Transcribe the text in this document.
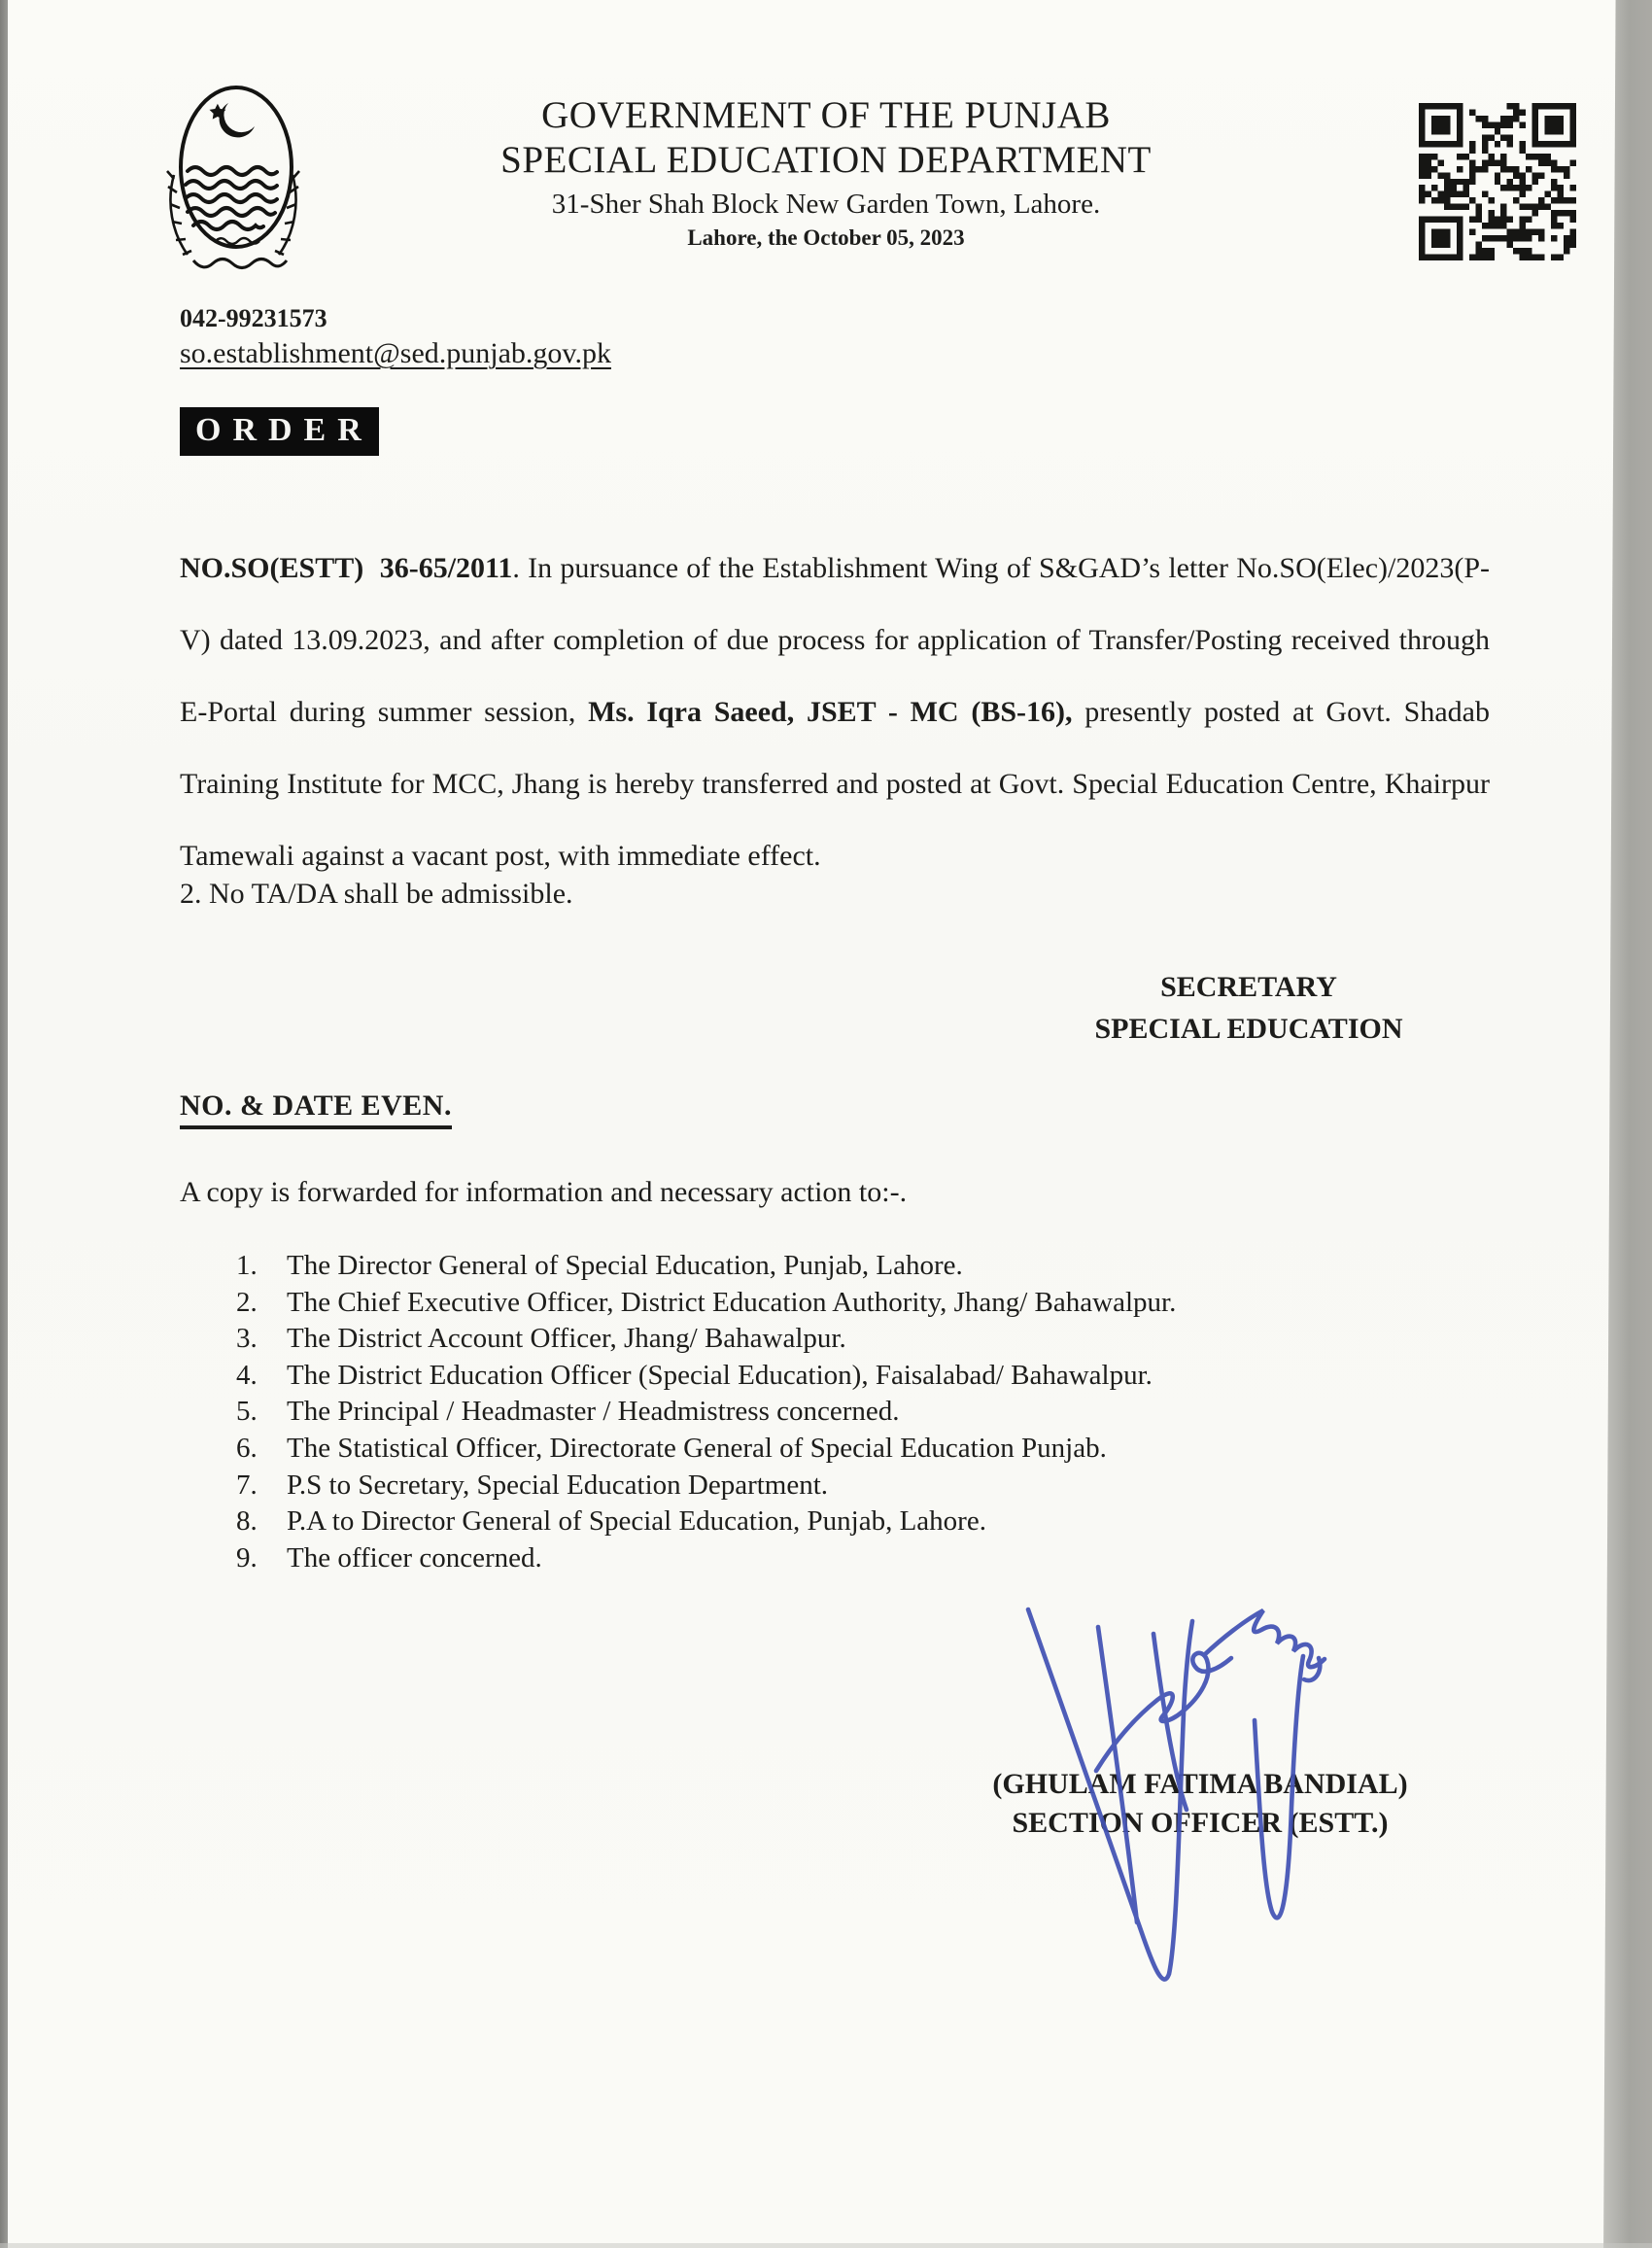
GOVERNMENT OF THE PUNJAB
SPECIAL EDUCATION DEPARTMENT
31-Sher Shah Block New Garden Town, Lahore.
Lahore, the October 05, 2023
042-99231573
so.establishment@sed.punjab.gov.pk
ORDER

NO.SO(ESTT)  36-65/2011. In pursuance of the Establishment Wing of S&GAD’s letter No.SO(Elec)/2023(P-V) dated 13.09.2023, and after completion of due process for application of Transfer/Posting received through E-Portal during summer session, Ms. Iqra Saeed, JSET - MC (BS-16), presently posted at Govt. Shadab Training Institute for MCC, Jhang is hereby transferred and posted at Govt. Special Education Centre, Khairpur Tamewali against a vacant post, with immediate effect.

2. No TA/DA shall be admissible.
SECRETARY
SPECIAL EDUCATION
NO. & DATE EVEN.
A copy is forwarded for information and necessary action to:-.
The Director General of Special Education, Punjab, Lahore.
The Chief Executive Officer, District Education Authority, Jhang/ Bahawalpur.
The District Account Officer, Jhang/ Bahawalpur.
The District Education Officer (Special Education), Faisalabad/ Bahawalpur.
The Principal / Headmaster / Headmistress concerned.
The Statistical Officer, Directorate General of Special Education Punjab.
P.S to Secretary, Special Education Department.
P.A to Director General of Special Education, Punjab, Lahore.
The officer concerned.
(GHULAM FATIMA BANDIAL)
SECTION OFFICER (ESTT.)
